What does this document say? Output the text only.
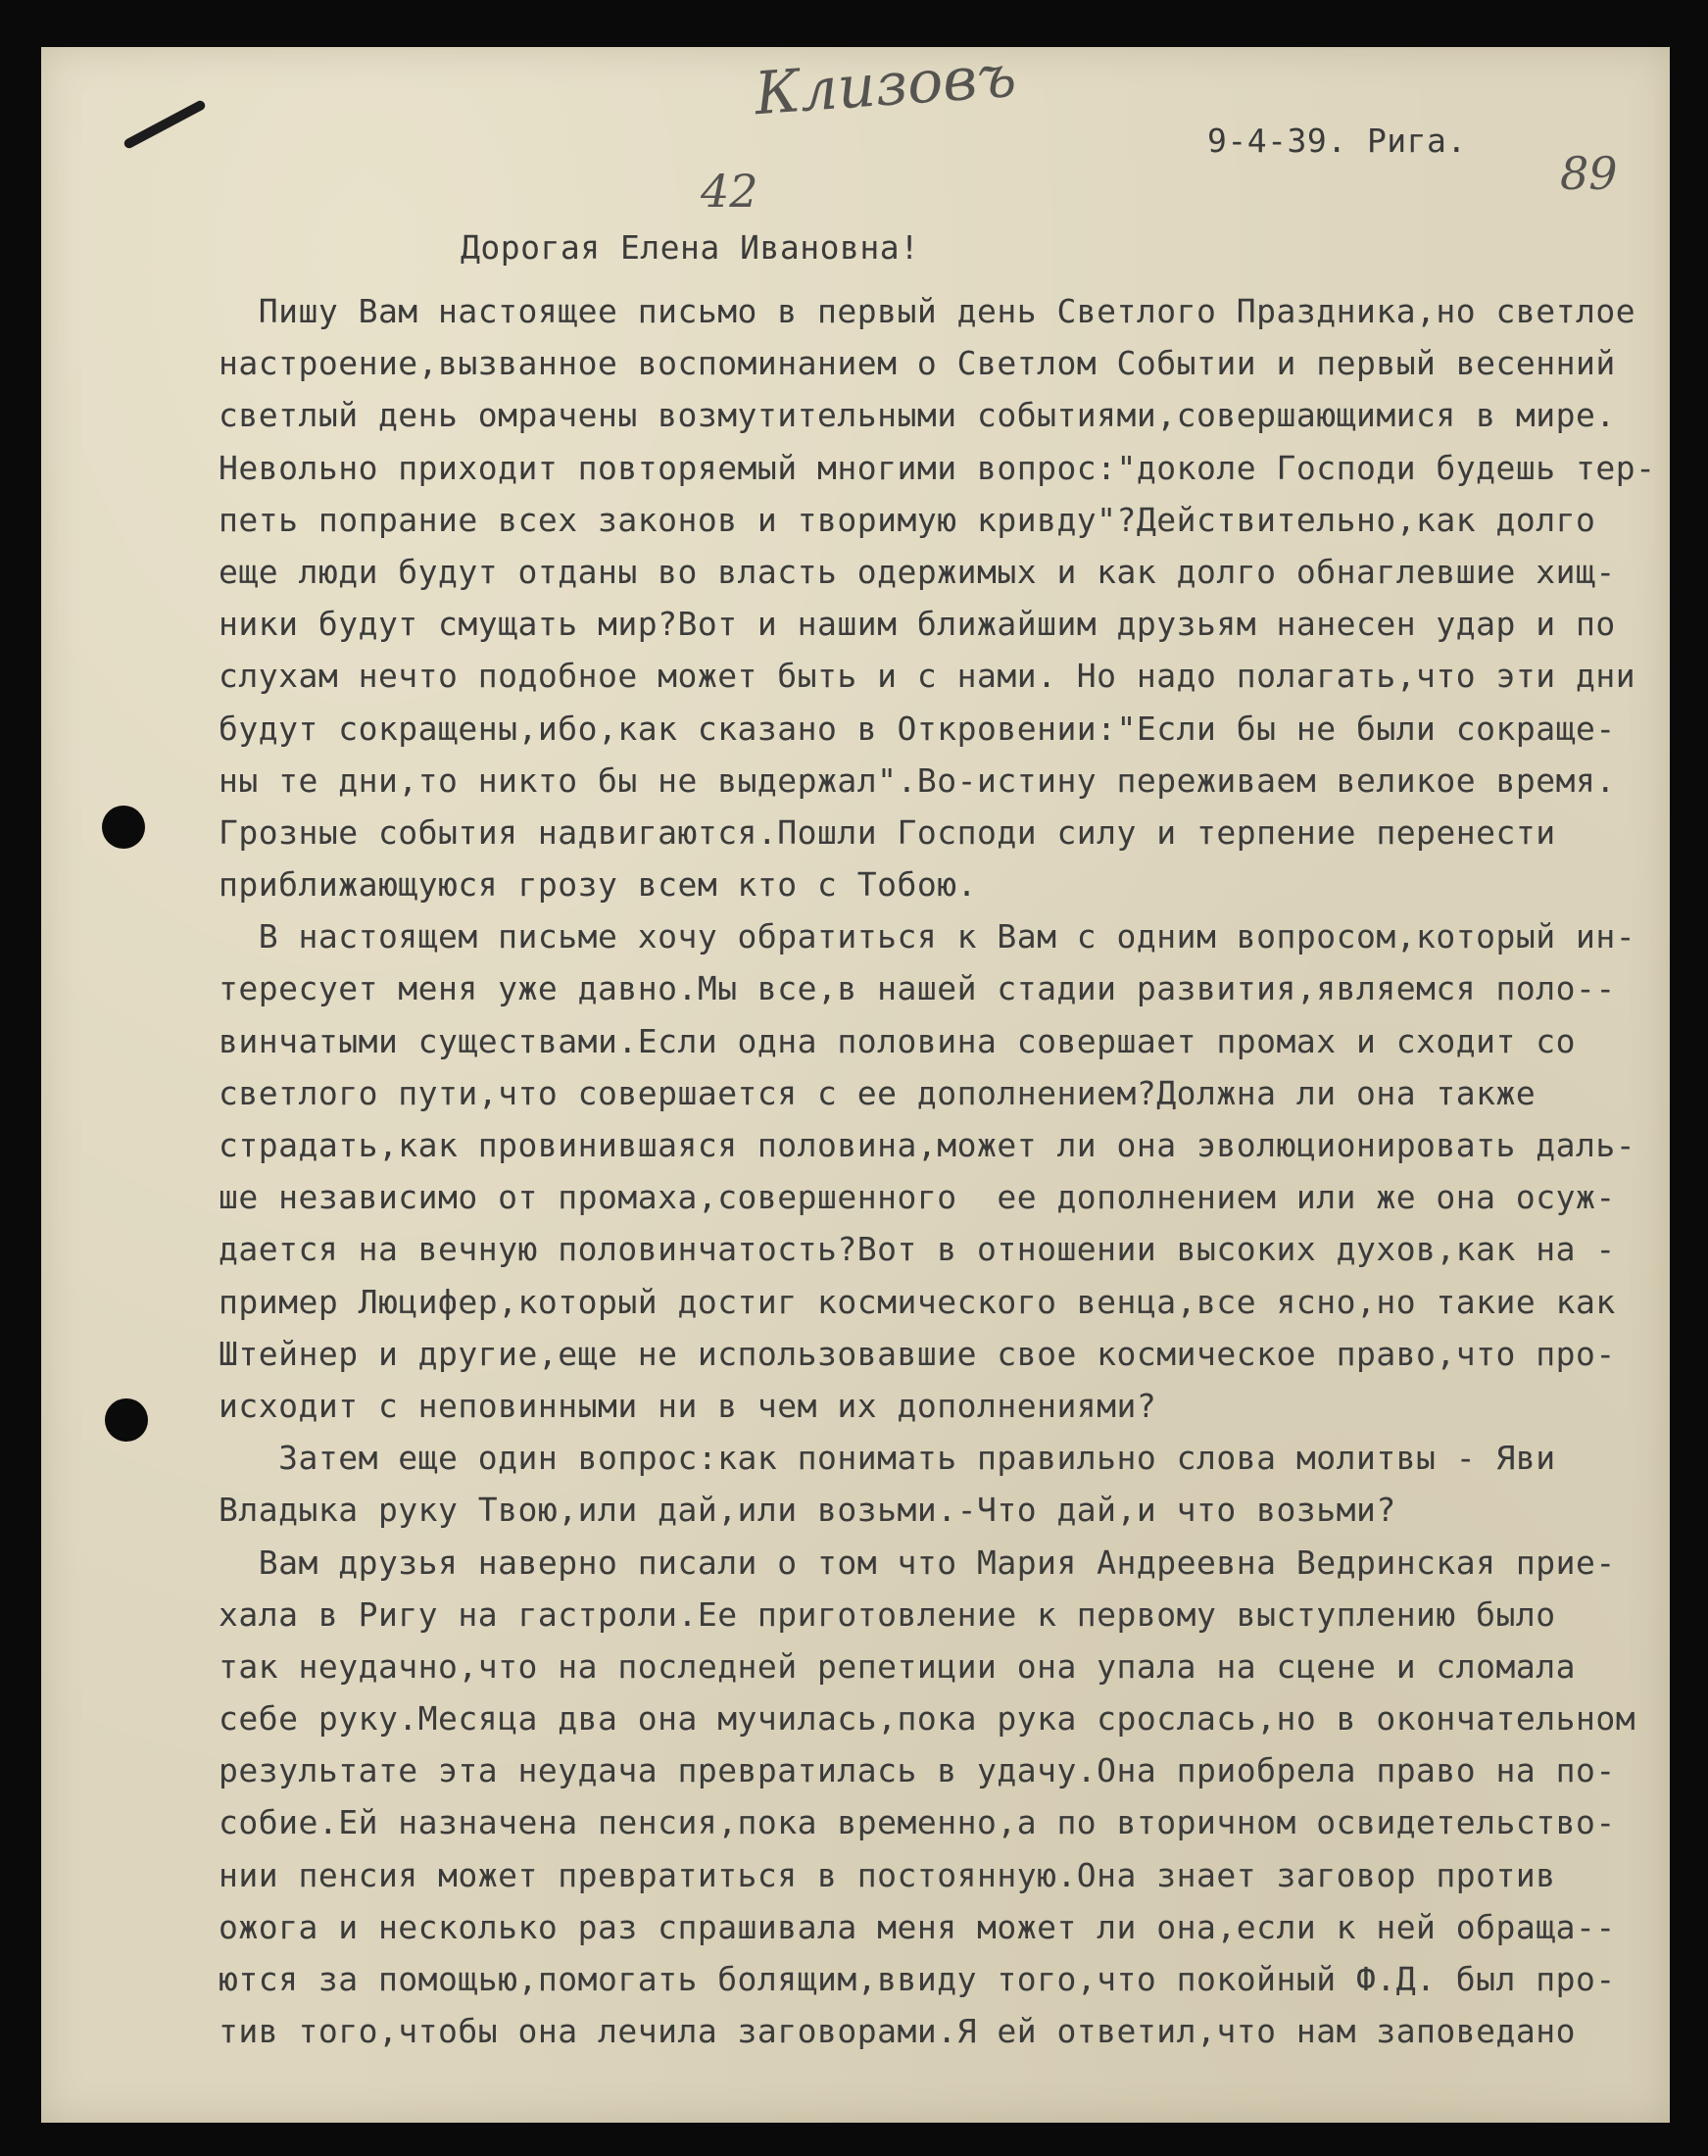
Клизовъ
42	89
9-4-39. Рига.
Дорогая Елена Ивановна!
Пишу Вам настоящее письмо в первый день Светлого Праздника,но светлое
настроение,вызванное воспоминанием о Светлом Событии и первый весенний
светлый день омрачены возмутительными событиями,совершающимися в мире.
Невольно приходит повторяемый многими вопрос:"доколе Господи будешь тер-
петь попрание всех законов и творимую кривду"?Действительно,как долго
еще люди будут отданы во власть одержимых и как долго обнаглевшие хищ-
ники будут смущать мир?Вот и нашим ближайшим друзьям нанесен удар и по
слухам нечто подобное может быть и с нами. Но надо полагать,что эти дни
будут сокращены,ибо,как сказано в Откровении:"Если бы не были сокраще-
ны те дни,то никто бы не выдержал".Во-истину переживаем великое время.
Грозные события надвигаются.Пошли Господи силу и терпение перенести
приближающуюся грозу всем кто с Тобою.
В настоящем письме хочу обратиться к Вам с одним вопросом,который ин-
тересует меня уже давно.Мы все,в нашей стадии развития,являемся поло--
винчатыми существами.Если одна половина совершает промах и сходит со
светлого пути,что совершается с ее дополнением?Должна ли она также
страдать,как провинившаяся половина,может ли она эволюционировать даль-
ше независимо от промаха,совершенного  ее дополнением или же она осуж-
дается на вечную половинчатость?Вот в отношении высоких духов,как на -
пример Люцифер,который достиг космического венца,все ясно,но такие как
Штейнер и другие,еще не использовавшие свое космическое право,что про-
исходит с неповинными ни в чем их дополнениями?
Затем еще один вопрос:как понимать правильно слова молитвы - Яви
Владыка руку Твою,или дай,или возьми.-Что дай,и что возьми?
Вам друзья наверно писали о том что Мария Андреевна Ведринская прие-
хала в Ригу на гастроли.Ее приготовление к первому выступлению было
так неудачно,что на последней репетиции она упала на сцене и сломала
себе руку.Месяца два она мучилась,пока рука срослась,но в окончательном
результате эта неудача превратилась в удачу.Она приобрела право на по-
собие.Ей назначена пенсия,пока временно,а по вторичном освидетельство-
нии пенсия может превратиться в постоянную.Она знает заговор против
ожога и несколько раз спрашивала меня может ли она,если к ней обраща--
ются за помощью,помогать болящим,ввиду того,что покойный Ф.Д. был про-
тив того,чтобы она лечила заговорами.Я ей ответил,что нам заповедано
